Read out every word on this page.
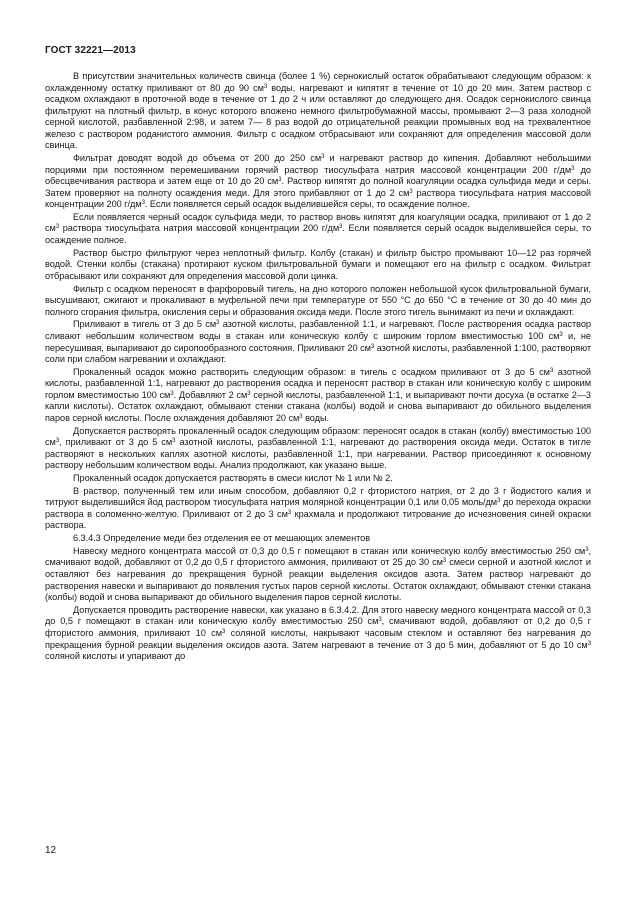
ГОСТ 32221—2013

В присутствии значительных количеств свинца (более 1 %) сернокислый остаток обрабатывают следующим образом: к охлажденному остатку приливают от 80 до 90 $см^3$ воды, нагревают и кипятят в течение от 10 до 20 мин. Затем раствор с осадком охлаждают в проточной воде в течение от 1 до 2 ч или оставляют до следующего дня. Осадок сернокислого свинца фильтруют на плотный фильтр, в конус которого вложено немного фильтробумажной массы, промывают 2—3 раза холодной серной кислотой, разбавленной 2:98, и затем 7— 8 раз водой до отрицательной реакции промывных вод на трехвалентное железо с раствором роданистого аммония. Фильтр с осадком отбрасывают или сохраняют для определения массовой доли свинца.

Фильтрат доводят водой до объема от 200 до 250 $см^3$ и нагревают раствор до кипения. Добавляют небольшими порциями при постоянном перемешивании горячий раствор тиосульфата натрия массовой концентрации 200 $г/дм^3$ до обесцвечивания раствора и затем еще от 10 до 20 $см^3$. Раствор кипятят до полной коагуляции осадка сульфида меди и серы. Затем проверяют на полноту осаждения меди. Для этого прибавляют от 1 до 2 $см^3$ раствора тиосульфата натрия массовой концентрации 200 $г/дм^3$. Если появляется серый осадок выделившейся серы, то осаждение полное.

Если появляется черный осадок сульфида меди, то раствор вновь кипятят для коагуляции осадка, приливают от 1 до 2 $см^3$ раствора тиосульфата натрия массовой концентрации 200 $г/дм^3$. Если появляется серый осадок выделившейся серы, то осаждение полное.

Раствор быстро фильтруют через неплотный фильтр. Колбу (стакан) и фильтр быстро промывают 10—12 раз горячей водой. Стенки колбы (стакана) протирают куском фильтровальной бумаги и помещают его на фильтр с осадком. Фильтрат отбрасывают или сохраняют для определения массовой доли цинка.

Фильтр с осадком переносят в фарфоровый тигель, на дно которого положен небольшой кусок фильтровальной бумаги, высушивают, сжигают и прокаливают в муфельной печи при температуре от 550 °С до 650 °С в течение от 30 до 40 мин до полного сгорания фильтра, окисления серы и образования оксида меди. После этого тигель вынимают из печи и охлаждают.

Приливают в тигель от 3 до 5 $см^3$ азотной кислоты, разбавленной 1:1, и нагревают. После растворения осадка раствор сливают небольшим количеством воды в стакан или коническую колбу с широким горлом вместимостью 100 $см^3$ и, не пересушивая, выпаривают до сиропообразного состояния. Приливают 20 $см^3$ азотной кислоты, разбавленной 1:100, растворяют соли при слабом нагревании и охлаждают.

Прокаленный осадок можно растворить следующим образом: в тигель с осадком приливают от 3 до 5 $см^3$ азотной кислоты, разбавленной 1:1, нагревают до растворения осадка и переносят раствор в стакан или коническую колбу с широким горлом вместимостью 100 $см^3$. Добавляют 2 $см^3$ серной кислоты, разбавленной 1:1, и выпаривают почти досуха (в остатке 2—3 капли кислоты). Остаток охлаждают, обмывают стенки стакана (колбы) водой и снова выпаривают до обильного выделения паров серной кислоты. После охлаждения добавляют 20 $см^3$ воды.

Допускается растворять прокаленный осадок следующим образом: переносят осадок в стакан (колбу) вместимостью 100 $см^3$, приливают от 3 до 5 $см^3$ азотной кислоты, разбавленной 1:1, нагревают до растворения оксида меди. Остаток в тигле растворяют в нескольких каплях азотной кислоты, разбавленной 1:1, при нагревании. Раствор присоединяют к основному раствору небольшим количеством воды. Анализ продолжают, как указано выше.

Прокаленный осадок допускается растворять в смеси кислот № 1 или № 2.

В раствор, полученный тем или иным способом, добавляют 0,2 г фтористого натрия, от 2 до 3 г йодистого калия и титруют выделившийся йод раствором тиосульфата натрия молярной концентрации 0,1 или 0,05 моль/$дм^3$ до перехода окраски раствора в соломенно-желтую. Приливают от 2 до 3 $см^3$ крахмала и продолжают титрование до исчезновения синей окраски раствора.

6.3.4.3 Определение меди без отделения ее от мешающих элементов

Навеску медного концентрата массой от 0,3 до 0,5 г помещают в стакан или коническую колбу вместимостью 250 $см^3$, смачивают водой, добавляют от 0,2 до 0,5 г фтористого аммония, приливают от 25 до 30 $см^3$ смеси серной и азотной кислот и оставляют без нагревания до прекращения бурной реакции выделения оксидов азота. Затем раствор нагревают до растворения навески и выпаривают до появления густых паров серной кислоты. Остаток охлаждают, обмывают стенки стакана (колбы) водой и снова выпаривают до обильного выделения паров серной кислоты.

Допускается проводить растворение навески, как указано в 6.3.4.2. Для этого навеску медного концентрата массой от 0,3 до 0,5 г помещают в стакан или коническую колбу вместимостью 250 $см^3$, смачивают водой, добавляют от 0,2 до 0,5 г фтористого аммония, приливают 10 $см^3$ соляной кислоты, накрывают часовым стеклом и оставляют без нагревания до прекращения бурной реакции выделения оксидов азота. Затем нагревают в течение от 3 до 5 мин, добавляют от 5 до 10 $см^3$ соляной кислоты и упаривают до

12
